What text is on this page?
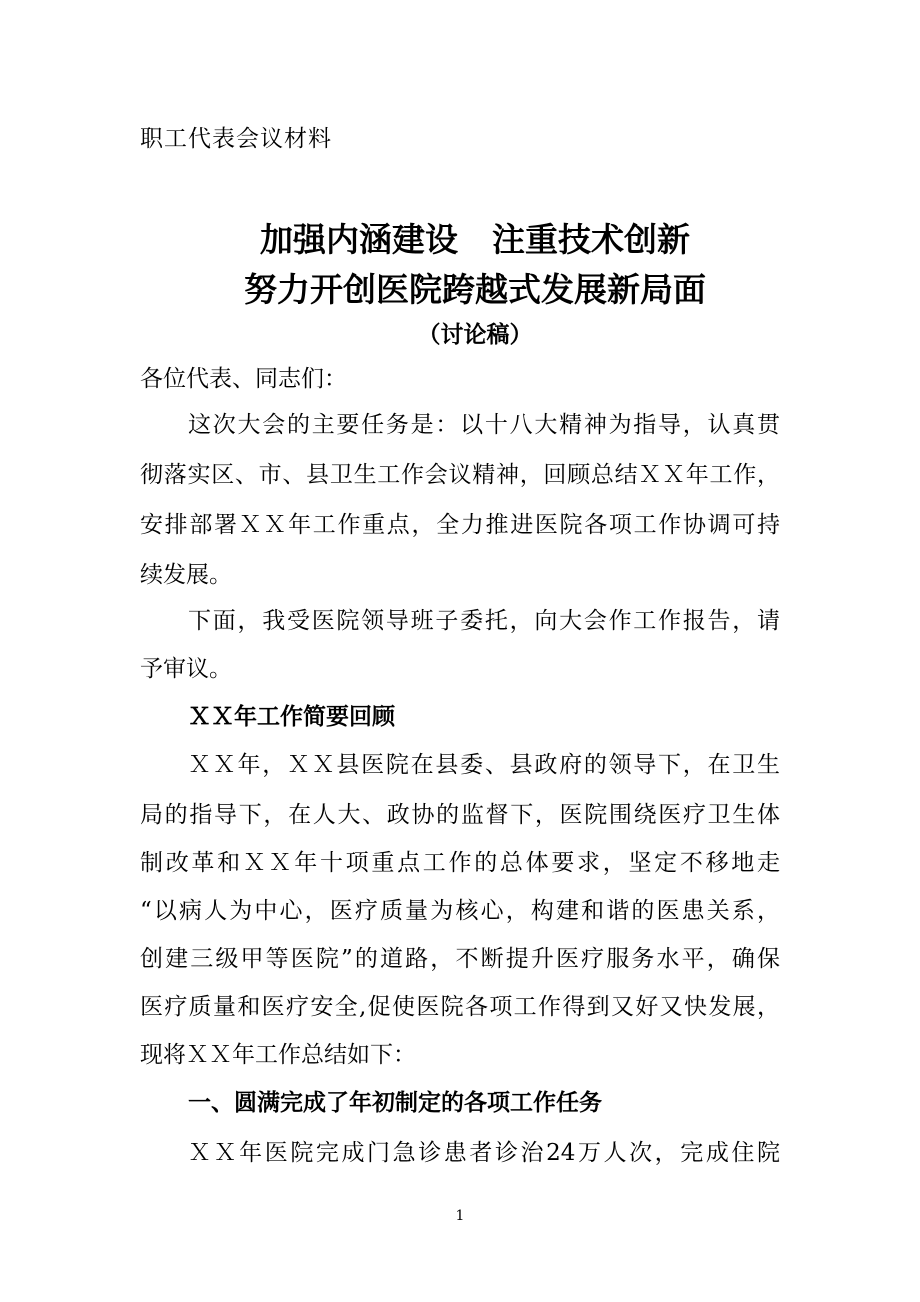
职工代表会议材料
加强内涵建设 注重技术创新
努力开创医院跨越式发展新局面
（讨论稿）
各位代表、同志们：
这次大会的主要任务是：以十八大精神为指导，认真贯
彻落实区、市、县卫生工作会议精神，回顾总结ＸＸ年工作，
安排部署ＸＸ年工作重点，全力推进医院各项工作协调可持
续发展。
下面，我受医院领导班子委托，向大会作工作报告，请
予审议。
ＸＸ年工作简要回顾
ＸＸ年，ＸＸ县医院在县委、县政府的领导下，在卫生
局的指导下，在人大、政协的监督下，医院围绕医疗卫生体
制改革和ＸＸ年十项重点工作的总体要求，坚定不移地走
“以病人为中心，医疗质量为核心，构建和谐的医患关系，
创建三级甲等医院”的道路，不断提升医疗服务水平，确保
医疗质量和医疗安全,促使医院各项工作得到又好又快发展，
现将ＸＸ年工作总结如下：
一、圆满完成了年初制定的各项工作任务
ＸＸ年医院完成门急诊患者诊治24万人次，完成住院
1
